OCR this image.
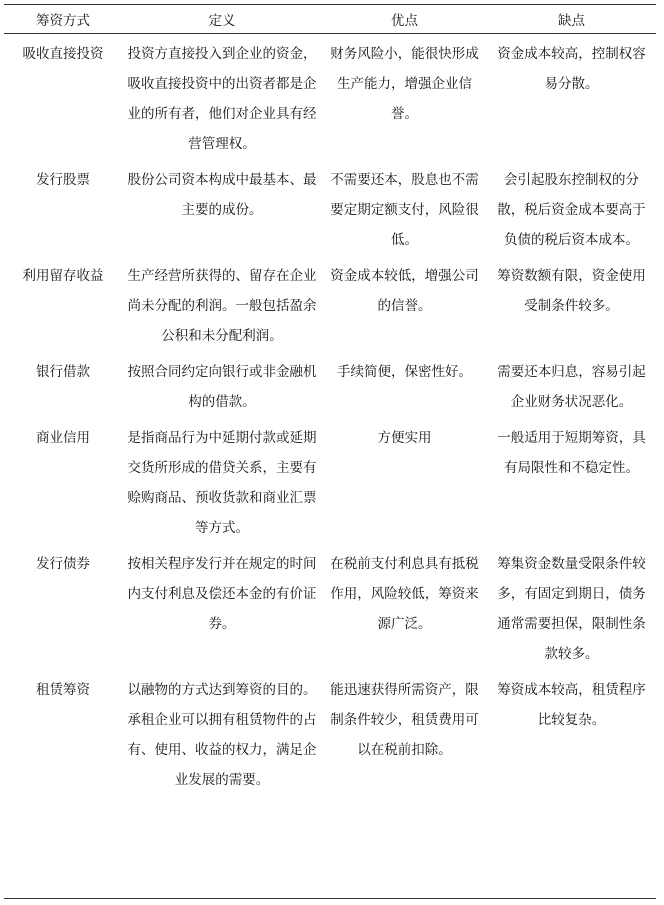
筹资方式	定义	优点	缺点
吸收直接投资	投资方直接投入到企业的资金，吸收直接投资中的出资者都是企业的所有者，他们对企业具有经营管理权。	财务风险小，能很快形成生产能力，增强企业信誉。	资金成本较高，控制权容易分散。
发行股票	股份公司资本构成中最基本、最主要的成份。	不需要还本，股息也不需要定期定额支付，风险很低。	会引起股东控制权的分散，税后资金成本要高于负债的税后资本成本。
利用留存收益	生产经营所获得的、留存在企业尚未分配的利润。一般包括盈余公积和未分配利润。	资金成本较低，增强公司的信誉。	筹资数额有限，资金使用受制条件较多。
银行借款	按照合同约定向银行或非金融机构的借款。	手续简便，保密性好。	需要还本归息，容易引起企业财务状况恶化。
商业信用	是指商品行为中延期付款或延期交货所形成的借贷关系，主要有赊购商品、预收货款和商业汇票等方式。	方便实用	一般适用于短期筹资，具有局限性和不稳定性。
发行债券	按相关程序发行并在规定的时间内支付利息及偿还本金的有价证券。	在税前支付利息具有抵税作用，风险较低，筹资来源广泛。	筹集资金数量受限条件较多，有固定到期日，债务通常需要担保，限制性条款较多。
租赁筹资	以融物的方式达到筹资的目的。承租企业可以拥有租赁物件的占有、使用、收益的权力，满足企业发展的需要。	能迅速获得所需资产，限制条件较少，租赁费用可以在税前扣除。	筹资成本较高，租赁程序比较复杂。
